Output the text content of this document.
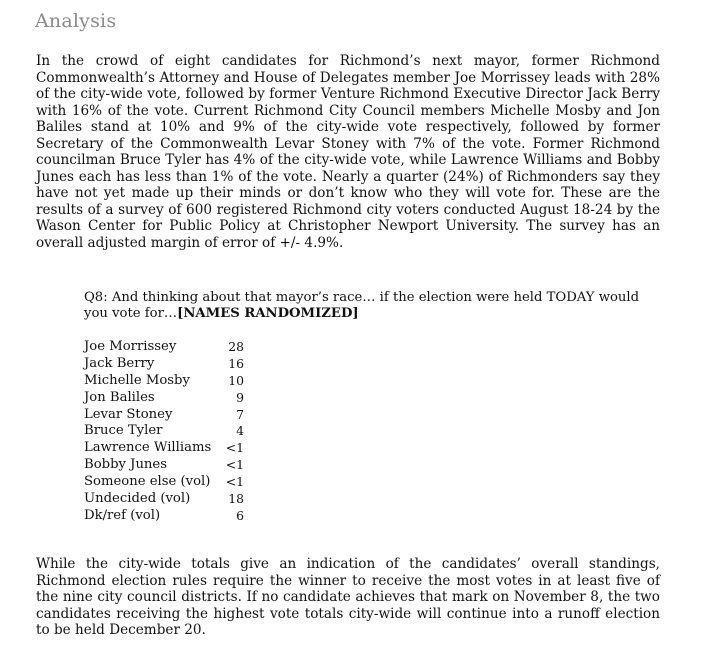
Analysis

In the crowd of eight candidates for Richmond’s next mayor, former Richmond Commonwealth’s Attorney and House of Delegates member Joe Morrissey leads with 28% of the city-wide vote, followed by former Venture Richmond Executive Director Jack Berry with 16% of the vote. Current Richmond City Council members Michelle Mosby and Jon Baliles stand at 10% and 9% of the city-wide vote respectively, followed by former Secretary of the Commonwealth Levar Stoney with 7% of the vote. Former Richmond councilman Bruce Tyler has 4% of the city-wide vote, while Lawrence Williams and Bobby Junes each has less than 1% of the vote. Nearly a quarter (24%) of Richmonders say they have not yet made up their minds or don’t know who they will vote for. These are the results of a survey of 600 registered Richmond city voters conducted August 18-24 by the Wason Center for Public Policy at Christopher Newport University. The survey has an overall adjusted margin of error of +/- 4.9%.

Q8: And thinking about that mayor’s race… if the election were held TODAY would you vote for…[NAMES RANDOMIZED]
Joe Morrissey	28
Jack Berry	16
Michelle Mosby	10
Jon Baliles	9
Levar Stoney	7
Bruce Tyler	4
Lawrence Williams	<1
Bobby Junes	<1
Someone else (vol)	<1
Undecided (vol)	18
Dk/ref (vol)	6

While the city-wide totals give an indication of the candidates’ overall standings, Richmond election rules require the winner to receive the most votes in at least five of the nine city council districts. If no candidate achieves that mark on November 8, the two candidates receiving the highest vote totals city-wide will continue into a runoff election to be held December 20.
